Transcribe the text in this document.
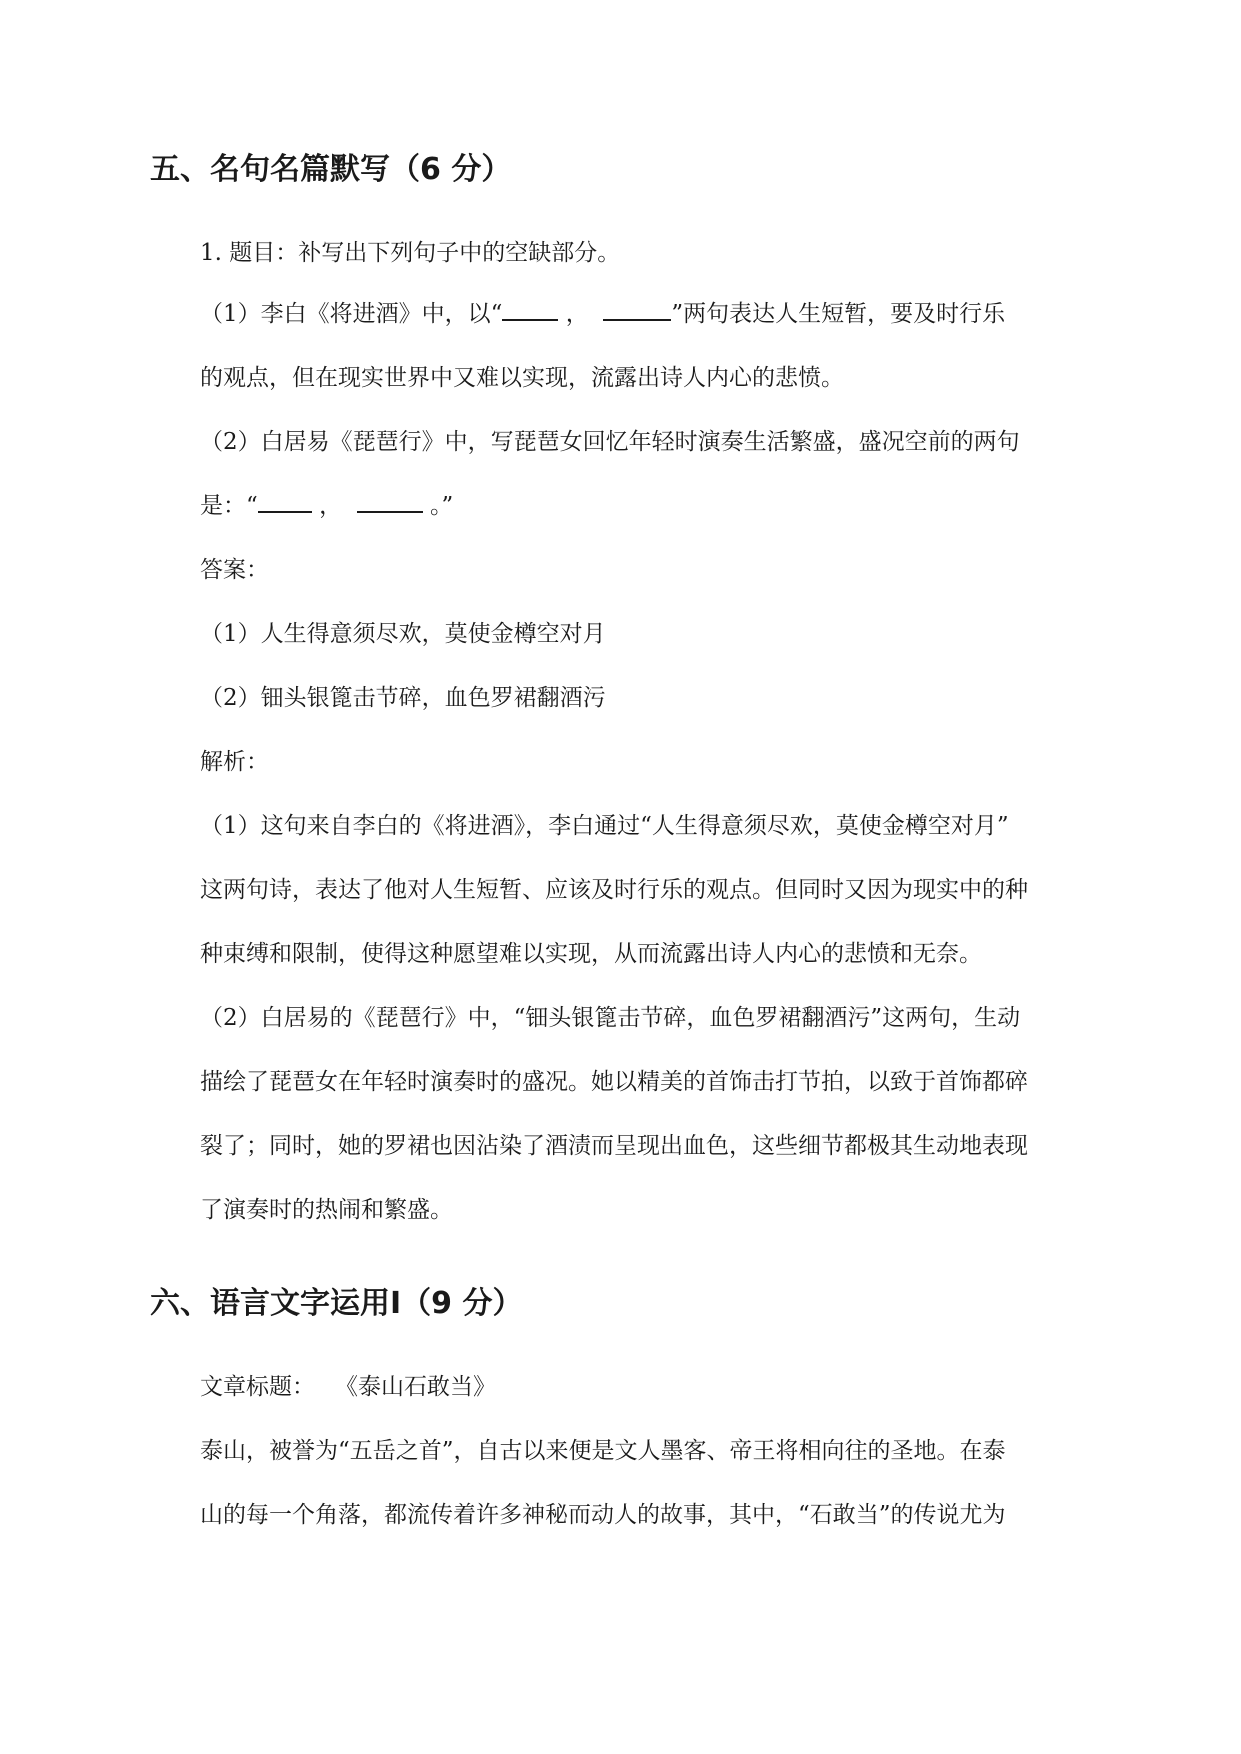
五、名句名篇默写（6 分）

1. 题目：补写出下列句子中的空缺部分。

（1）李白《将进酒》中，以“ ，	”两句表达人生短暂，要及时行乐

的观点，但在现实世界中又难以实现，流露出诗人内心的悲愤。

（2）白居易《琵琶行》中，写琵琶女回忆年轻时演奏生活繁盛，盛况空前的两句

是：“ ，	。”

答案：

（1）人生得意须尽欢，莫使金樽空对月

（2）钿头银篦击节碎，血色罗裙翻酒污

解析：

（1）这句来自李白的《将进酒》，李白通过“人生得意须尽欢，莫使金樽空对月”

这两句诗，表达了他对人生短暂、应该及时行乐的观点。但同时又因为现实中的种

种束缚和限制，使得这种愿望难以实现，从而流露出诗人内心的悲愤和无奈。

（2）白居易的《琵琶行》中，“钿头银篦击节碎，血色罗裙翻酒污”这两句，生动

描绘了琵琶女在年轻时演奏时的盛况。她以精美的首饰击打节拍，以致于首饰都碎

裂了；同时，她的罗裙也因沾染了酒渍而呈现出血色，这些细节都极其生动地表现

了演奏时的热闹和繁盛。

六、语言文字运用Ⅰ（9 分）

文章标题： 《泰山石敢当》

泰山，被誉为“五岳之首”，自古以来便是文人墨客、帝王将相向往的圣地。在泰

山的每一个角落，都流传着许多神秘而动人的故事，其中，“石敢当”的传说尤为
